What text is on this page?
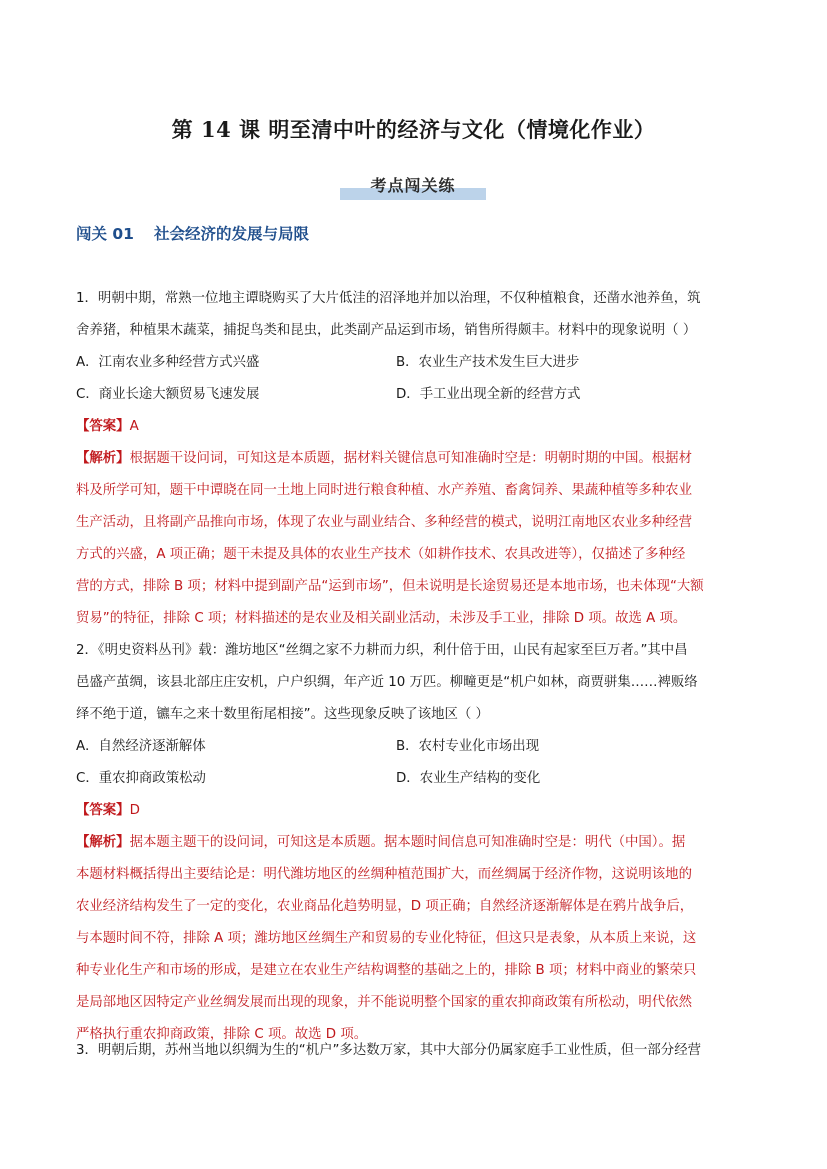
第 14 课 明至清中叶的经济与文化（情境化作业）
考点闯关练
闯关 01 社会经济的发展与局限
1．明朝中期，常熟一位地主谭晓购买了大片低洼的沼泽地并加以治理，不仅种植粮食，还凿水池养鱼，筑
舍养猪，种植果木蔬菜，捕捉鸟类和昆虫，此类副产品运到市场，销售所得颇丰。材料中的现象说明（ ）
A．江南农业多种经营方式兴盛	B．农业生产技术发生巨大进步
C．商业长途大额贸易飞速发展	D．手工业出现全新的经营方式
【答案】A
【解析】根据题干设问词，可知这是本质题，据材料关键信息可知准确时空是：明朝时期的中国。根据材
料及所学可知，题干中谭晓在同一土地上同时进行粮食种植、水产养殖、畜禽饲养、果蔬种植等多种农业
生产活动，且将副产品推向市场，体现了农业与副业结合、多种经营的模式，说明江南地区农业多种经营
方式的兴盛，A 项正确；题干未提及具体的农业生产技术（如耕作技术、农具改进等），仅描述了多种经
营的方式，排除 B 项；材料中提到副产品“运到市场”，但未说明是长途贸易还是本地市场，也未体现“大额
贸易”的特征，排除 C 项；材料描述的是农业及相关副业活动，未涉及手工业，排除 D 项。故选 A 项。
2．《明史资料丛刊》载：潍坊地区“丝绸之家不力耕而力织，利什倍于田，山民有起家至巨万者。”其中昌
邑盛产茧绸，该县北部庄庄安机，户户织绸，年产近 10 万匹。柳疃更是“机户如林，商贾骈集……裨贩络
绎不绝于道，镳车之来十数里衔尾相接”。这些现象反映了该地区（ ）
A．自然经济逐渐解体	B．农村专业化市场出现
C．重农抑商政策松动	D．农业生产结构的变化
【答案】D
【解析】据本题主题干的设问词，可知这是本质题。据本题时间信息可知准确时空是：明代（中国）。据
本题材料概括得出主要结论是：明代潍坊地区的丝绸种植范围扩大，而丝绸属于经济作物，这说明该地的
农业经济结构发生了一定的变化，农业商品化趋势明显，D 项正确；自然经济逐渐解体是在鸦片战争后，
与本题时间不符，排除 A 项；潍坊地区丝绸生产和贸易的专业化特征，但这只是表象，从本质上来说，这
种专业化生产和市场的形成，是建立在农业生产结构调整的基础之上的，排除 B 项；材料中商业的繁荣只
是局部地区因特定产业丝绸发展而出现的现象，并不能说明整个国家的重农抑商政策有所松动，明代依然
严格执行重农抑商政策，排除 C 项。故选 D 项。
3．明朝后期，苏州当地以织绸为生的“机户”多达数万家，其中大部分仍属家庭手工业性质，但一部分经营
